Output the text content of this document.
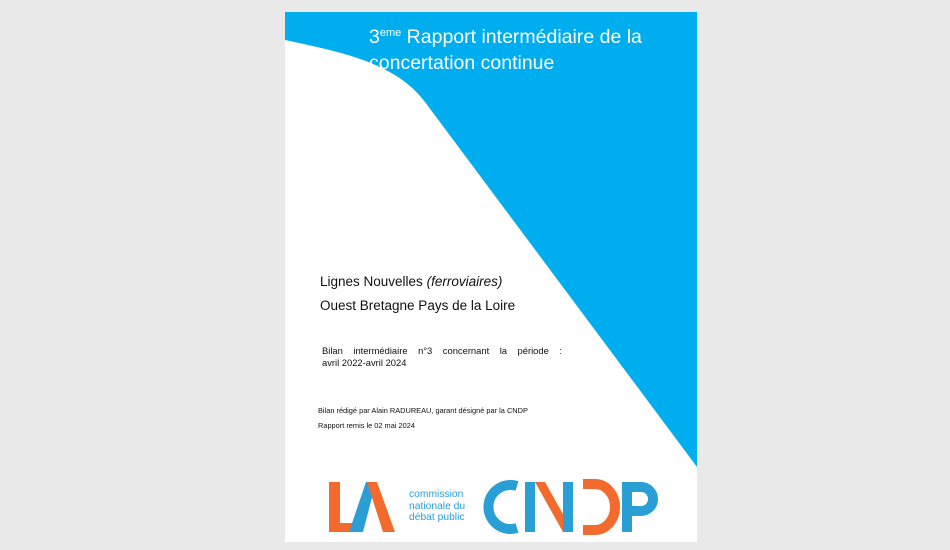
3eme Rapport intermédiaire de la
concertation continue
Lignes Nouvelles (ferroviaires)
Ouest Bretagne Pays de la Loire
Bilan intermédiaire n°3 concernant la période :
avril 2022-avril 2024
Bilan rédigé par Alain RADUREAU, garant désigné par la CNDP
Rapport remis le 02 mai 2024
commission
nationale du
débat public
